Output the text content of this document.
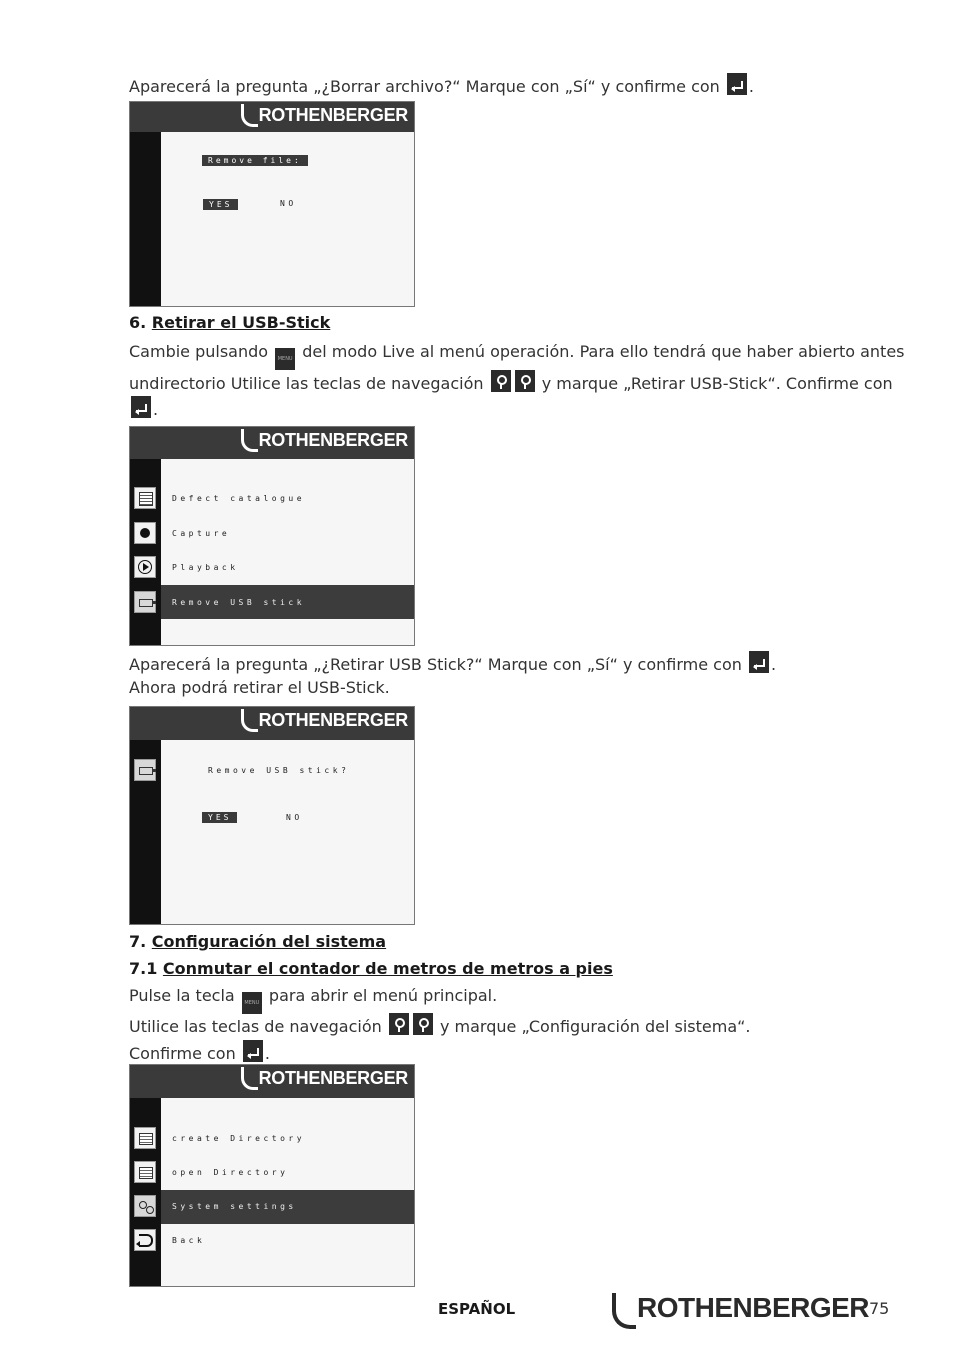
Aparecerá la pregunta „¿Borrar archivo?“ Marque con „Sí“ y confirme con .
ROTHENBERGER
Remove file:
YES	NO
6. Retirar el USB-Stick
Cambie pulsando MENU del modo Live al menú operación. Para ello tendrá que haber abierto antes
undirectorio Utilice las teclas de navegación	y marque „Retirar USB-Stick“. Confirme con
.
ROTHENBERGER
Defect catalogue
Capture
Playback
Remove USB stick
Aparecerá la pregunta „¿Retirar USB Stick?“ Marque con „Sí“ y confirme con .
Ahora podrá retirar el USB-Stick.
ROTHENBERGER
Remove USB stick?
YES	NO
7. Configuración del sistema
7.1 Conmutar el contador de metros de metros a pies
Pulse la tecla MENU para abrir el menú principal.
Utilice las teclas de navegación	y marque „Configuración del sistema“.
Confirme con .
ROTHENBERGER
create Directory
open Directory
System settings
Back
ESPAÑOL	ROTHENBERGER 75
